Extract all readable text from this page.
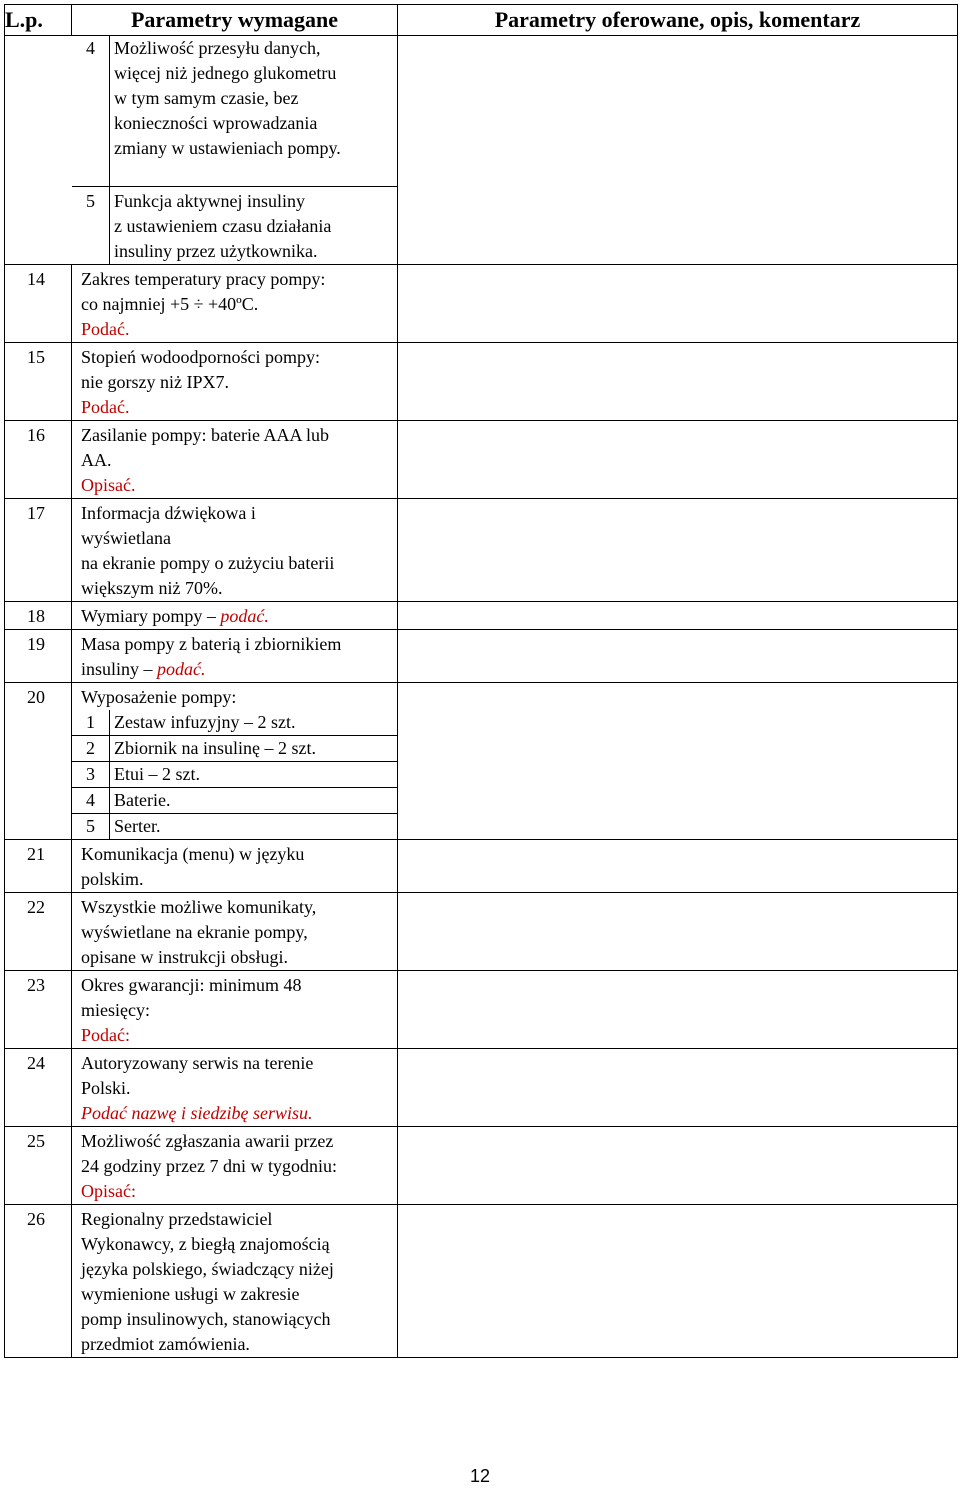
L.p.	Parametry wymagane	Parametry oferowane, opis, komentarz

4	Możliwość przesyłu danych,
więcej niż jednego glukometru
w tym samym czasie, bez
konieczności wprowadzania
zmiany w ustawieniach pompy.

5	Funkcja aktywnej insuliny
z ustawieniem czasu działania
insuliny przez użytkownika.

14	Zakres temperatury pracy pompy:
co najmniej +5 ÷ +40ºC.
Podać.

15	Stopień wodoodporności pompy:
nie gorszy niż IPX7.
Podać.

16	Zasilanie pompy: baterie AAA lub
AA.
Opisać.

17	Informacja dźwiękowa i
wyświetlana
na ekranie pompy o zużyciu baterii
większym niż 70%.

18	Wymiary pompy – podać.

19	Masa pompy z baterią i zbiornikiem
insuliny – podać.

20	Wyposażenie pompy:
1	Zestaw infuzyjny – 2 szt.
2	Zbiornik na insulinę – 2 szt.
3	Etui – 2 szt.
4	Baterie.
5	Serter.

21	Komunikacja (menu) w języku
polskim.

22	Wszystkie możliwe komunikaty,
wyświetlane na ekranie pompy,
opisane w instrukcji obsługi.

23	Okres gwarancji: minimum 48
miesięcy:
Podać:

24	Autoryzowany serwis na terenie
Polski.
Podać nazwę i siedzibę serwisu.

25	Możliwość zgłaszania awarii przez
24 godziny przez 7 dni w tygodniu:
Opisać:

26	Regionalny przedstawiciel
Wykonawcy, z biegłą znajomością
języka polskiego, świadczący niżej
wymienione usługi w zakresie
pomp insulinowych, stanowiących
przedmiot zamówienia.

12
